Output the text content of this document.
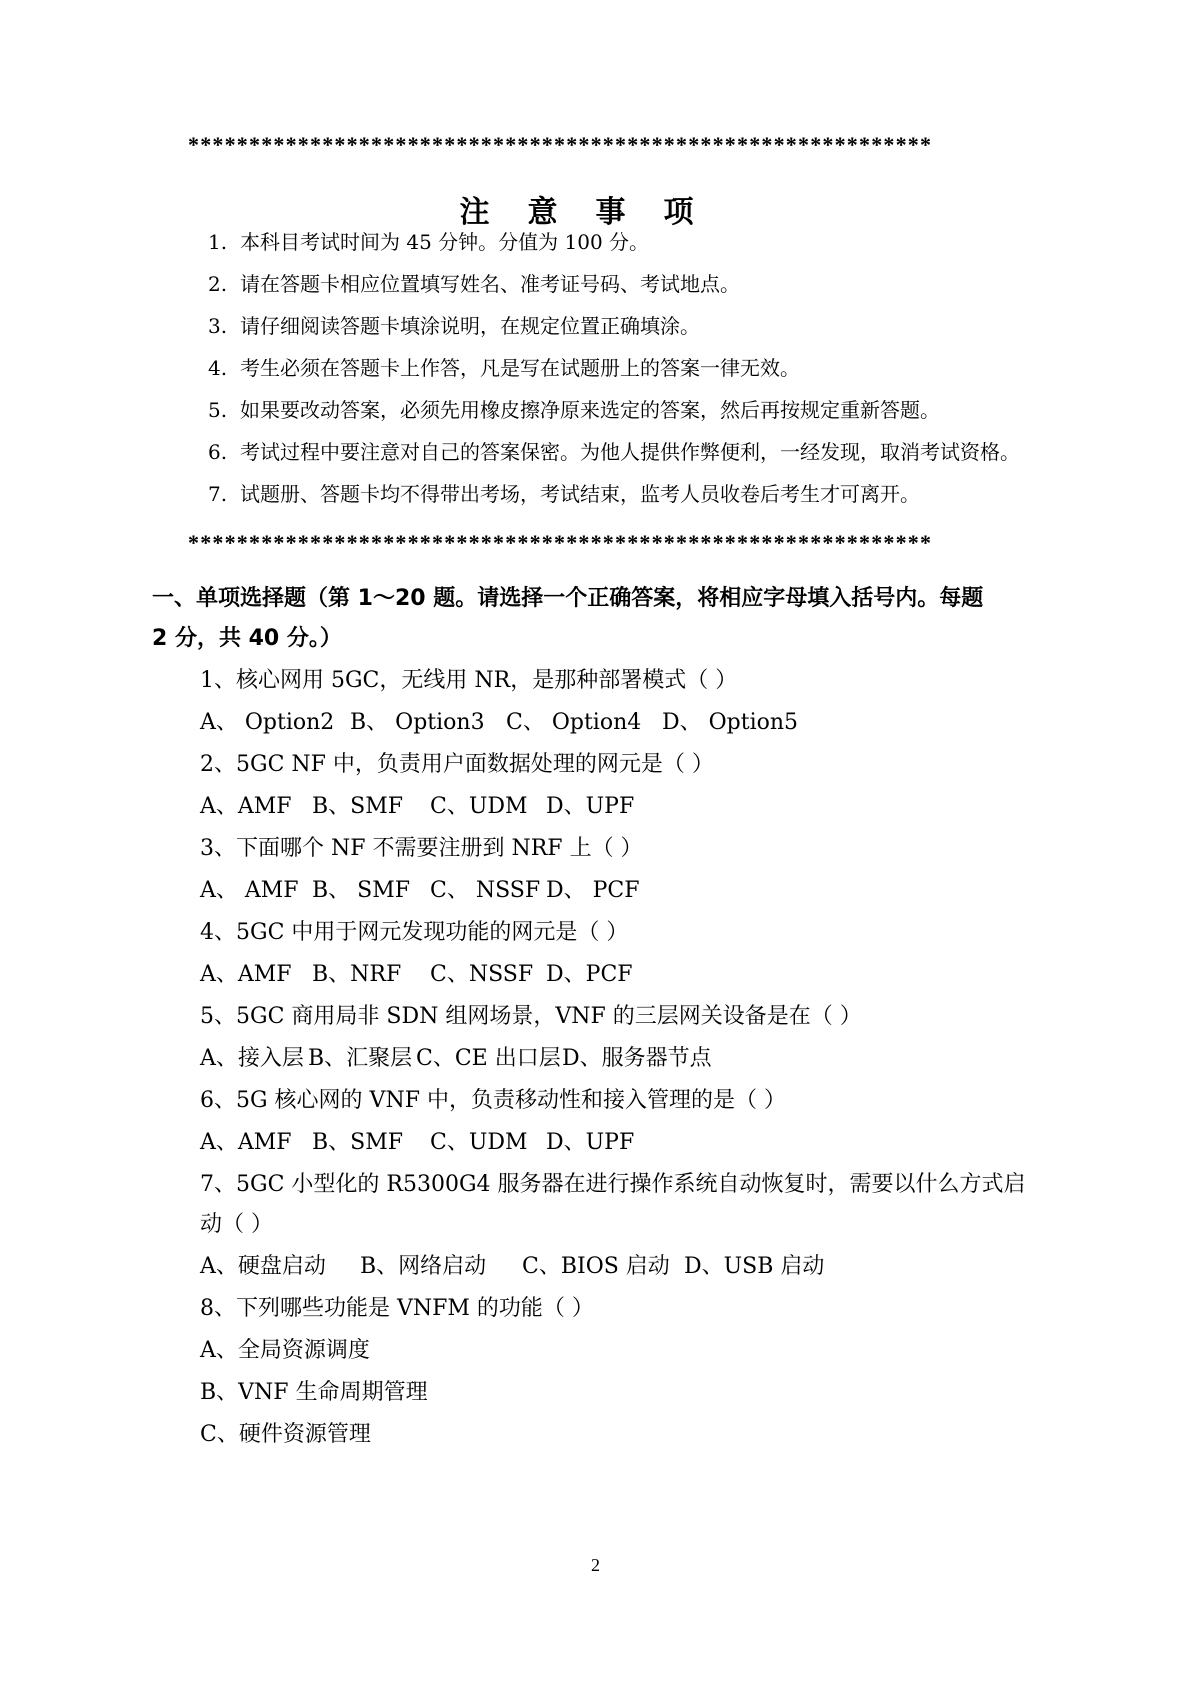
*************************************************************
注意事项
1. 本科目考试时间为 45 分钟。分值为 100 分。
2. 请在答题卡相应位置填写姓名、准考证号码、考试地点。
3. 请仔细阅读答题卡填涂说明，在规定位置正确填涂。
4. 考生必须在答题卡上作答，凡是写在试题册上的答案一律无效。
5. 如果要改动答案，必须先用橡皮擦净原来选定的答案，然后再按规定重新答题。
6. 考试过程中要注意对自己的答案保密。为他人提供作弊便利，一经发现，取消考试资格。
7. 试题册、答题卡均不得带出考场，考试结束，监考人员收卷后考生才可离开。
*************************************************************
一、单项选择题（第 1～20 题。请选择一个正确答案，将相应字母填入括号内。每题
2 分，共 40 分。）
1、核心网用 5GC，无线用 NR，是那种部署模式（ ）
A、 Option2 B、 Option3 C、 Option4 D、 Option5
2、5GC NF 中，负责用户面数据处理的网元是（ ）
A、AMF B、SMF C、UDM D、UPF
3、下面哪个 NF 不需要注册到 NRF 上（ ）
A、 AMF B、 SMF C、 NSSF D、 PCF
4、5GC 中用于网元发现功能的网元是（ ）
A、AMF B、NRF C、NSSF D、PCF
5、5GC 商用局非 SDN 组网场景，VNF 的三层网关设备是在（ ）
A、接入层 B、汇聚层 C、CE 出口层 D、服务器节点
6、5G 核心网的 VNF 中，负责移动性和接入管理的是（ ）
A、AMF B、SMF C、UDM D、UPF
7、5GC 小型化的 R5300G4 服务器在进行操作系统自动恢复时，需要以什么方式启
动（ ）
A、硬盘启动 B、网络启动 C、BIOS 启动 D、USB 启动
8、下列哪些功能是 VNFM 的功能（ ）
A、全局资源调度
B、VNF 生命周期管理
C、硬件资源管理
2
